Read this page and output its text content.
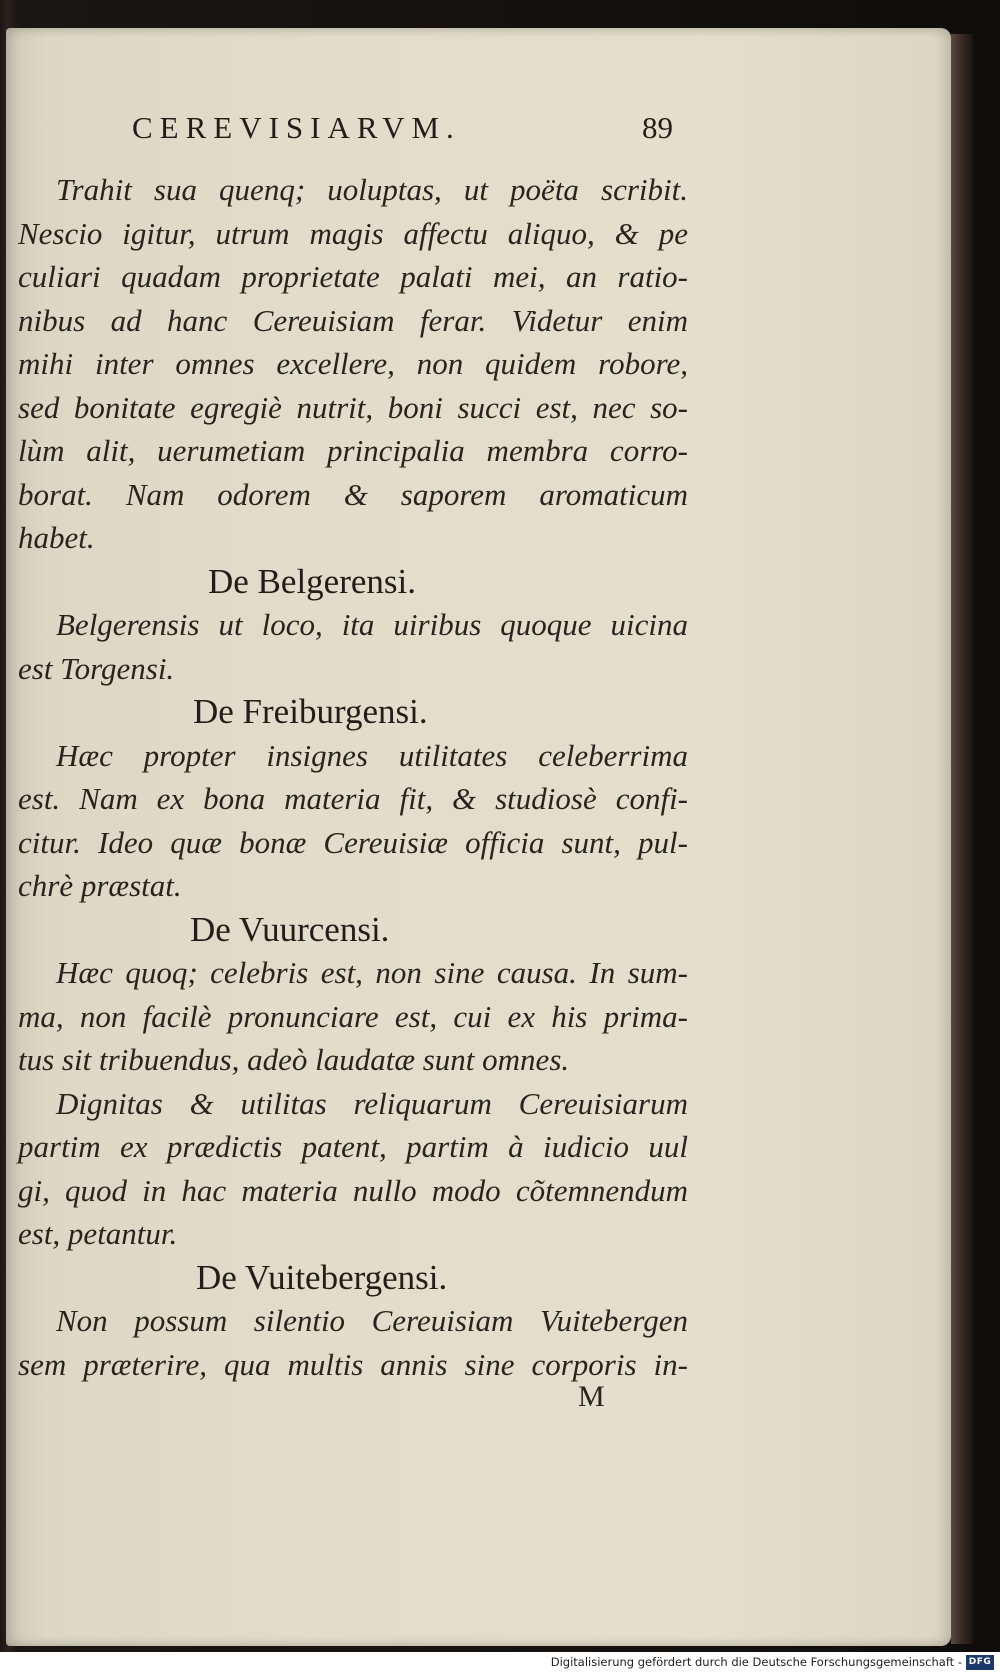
CEREVISIARVM.	89
Trahit sua quenq; uoluptas, ut poëta scribit.
Nescio igitur, utrum magis affectu aliquo, & pe
culiari quadam proprietate palati mei, an ratio-
nibus ad hanc Cereuisiam ferar. Videtur enim
mihi inter omnes excellere, non quidem robore,
sed bonitate egregiè nutrit, boni succi est, nec so-
lùm alit, uerumetiam principalia membra corro-
borat. Nam odorem & saporem aromaticum
habet.
De Belgerensi.
Belgerensis ut loco, ita uiribus quoque uicina
est Torgensi.
De Freiburgensi.
Hæc propter insignes utilitates celeberrima
est. Nam ex bona materia fit, & studiosè confi-
citur. Ideo quæ bonæ Cereuisiæ officia sunt, pul-
chrè præstat.
De Vuurcensi.
Hæc quoq; celebris est, non sine causa. In sum-
ma, non facilè pronunciare est, cui ex his prima-
tus sit tribuendus, adeò laudatæ sunt omnes.
Dignitas & utilitas reliquarum Cereuisiarum
partim ex prædictis patent, partim à iudicio uul
gi, quod in hac materia nullo modo cõtemnendum
est, petantur.
De Vuitebergensi.
Non possum silentio Cereuisiam Vuitebergen
sem præterire, qua multis annis sine corporis in-
M
Digitalisierung gefördert durch die Deutsche Forschungsgemeinschaft - DFG
